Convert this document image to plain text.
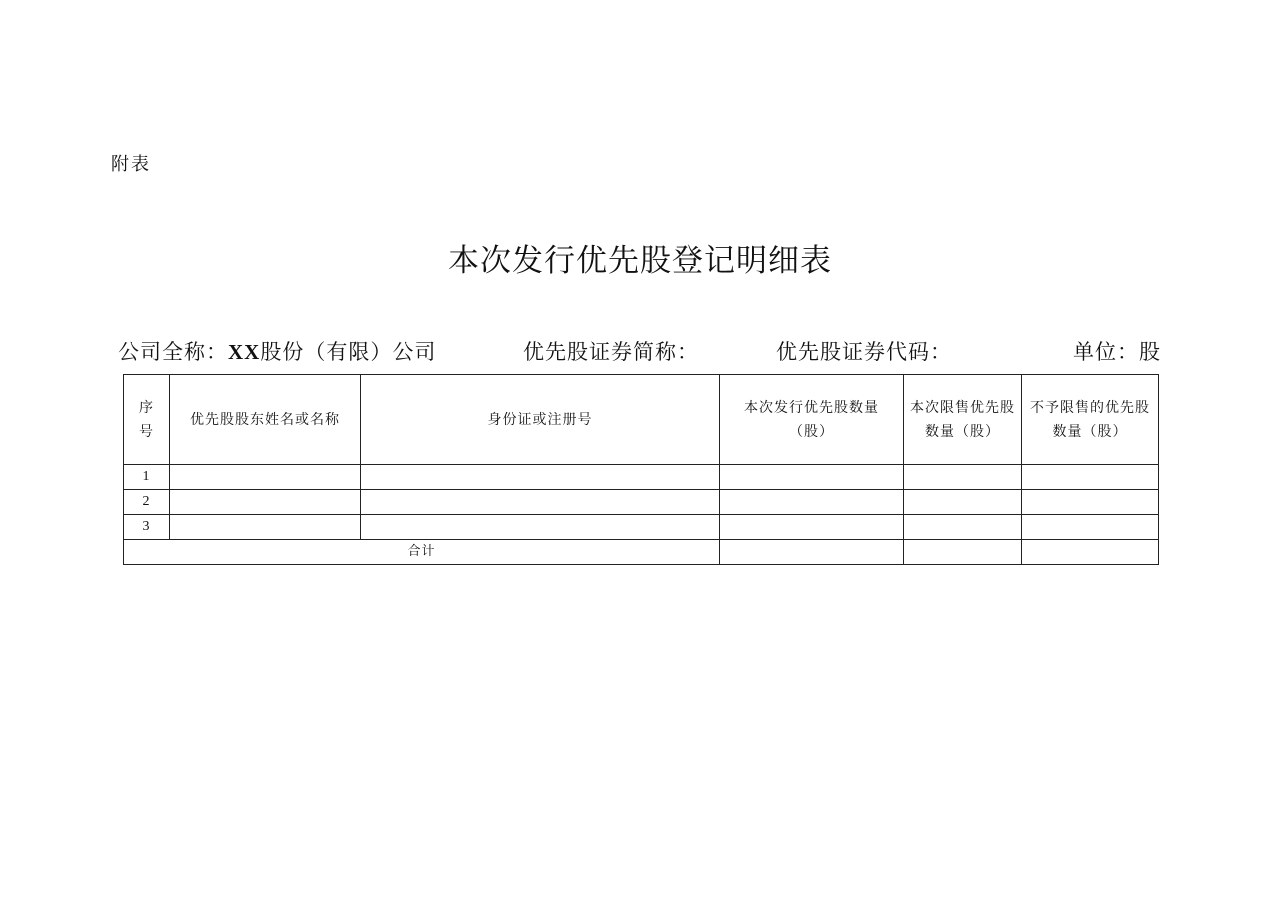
附表
本次发行优先股登记明细表
公司全称：XX股份（有限）公司	优先股证券简称：	优先股证券代码：	单位：股
序号	优先股股东姓名或名称	身份证或注册号	本次发行优先股数量（股）	本次限售优先股数量（股）	不予限售的优先股数量（股）
1					
2					
3					
合计					
